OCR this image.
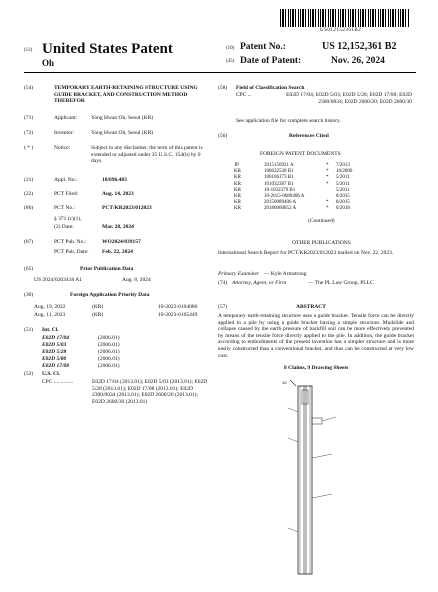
US012152361B2
(12) United States Patent
Oh
(10) Patent No.:	US 12,152,361 B2
(45) Date of Patent:	Nov. 26, 2024
(54)	TEMPORARY EARTH-RETAINING STRUCTURE USING GUIDE BRACKET, AND CONSTRUCTION METHOD THEREFOR
(71)	Applicant:	Yong Hwan Oh, Seoul (KR)
(72)	Inventor:	Yong Hwan Oh, Seoul (KR)
( * )	Notice:	Subject to any disclaimer, the term of this patent is extended or adjusted under 35 U.S.C. 154(b) by 0 days.
(21)	Appl. No.:	18/696,483
(22)	PCT Filed:	Aug. 14, 2023
(86)	PCT No.:	PCT/KR2023/012023
§ 371 (c)(1),
(2) Date:	Mar. 28, 2024
(87)	PCT Pub. No.:	WO2024/039157
PCT Pub. Date: Feb. 22, 2024
(65)	Prior Publication Data
US 2024/0263418 A1	Aug. 8, 2024
(30)	Foreign Application Priority Data
Aug. 19, 2022	(KR)	10-2022-0104080
Aug. 11, 2023	(KR)	10-2023-0105449
(51) Int. Cl.
E02D 17/04	(2006.01)
E02D 5/03	(2006.01)
E02D 5/28	(2006.01)
E02D 5/80	(2006.01)
E02D 17/08	(2006.01)
(52) U.S. Cl.
CPC ..............	E02D 17/04 (2013.01); E02D 5/03 (2013.01); E02D 5/28 (2013.01); E02D 17/08 (2013.01); E02D 2300/0034 (2013.01); E02D 2600/20 (2013.01); E02D 2600/30 (2013.01)
(58) Field of Classification Search
CPC ...	E02D 17/04; E02D 5/03; E02D 5/28; E02D 17/08; E02D 2300/0034; E02D 2600/20; E02D 2600/30
See application file for complete search history.
(56)	References Cited
FOREIGN PATENT DOCUMENTS
JP	2015150921 A	*	7/2013
KR	100632530 B1	*	10/2006
KR	100106173 B1	*	5/2011
KR	101032387 B1	*	5/2011
KR	10-1032379 B1	5/2011
KR	10-2015-0089406 A	8/2015
KR	20150089406 A	*	8/2015
KR	20180060852 A	*	6/2018
(Continued)
OTHER PUBLICATIONS
International Search Report for PCT/KR2023/012023 mailed on Nov. 22, 2023.
Primary Examiner — Kyle Armstrong
(74) Attorney, Agent, or Firm	— The PL Law Group, PLLC
(57)	ABSTRACT
A temporary earth-retaining structure uses a guide bracket. Tensile force can be directly applied to a pile by using a guide bracket having a simple structure. Mudslide and collapse caused by the earth pressure of backfill soil can be more effectively prevented by means of the tensile force directly applied to the pile. In addition, the guide bracket according to embodiments of the present invention has a simpler structure and is more easily constructed than a conventional bracket, and thus can be constructed at very low cost.
8 Claims, 9 Drawing Sheets
10
